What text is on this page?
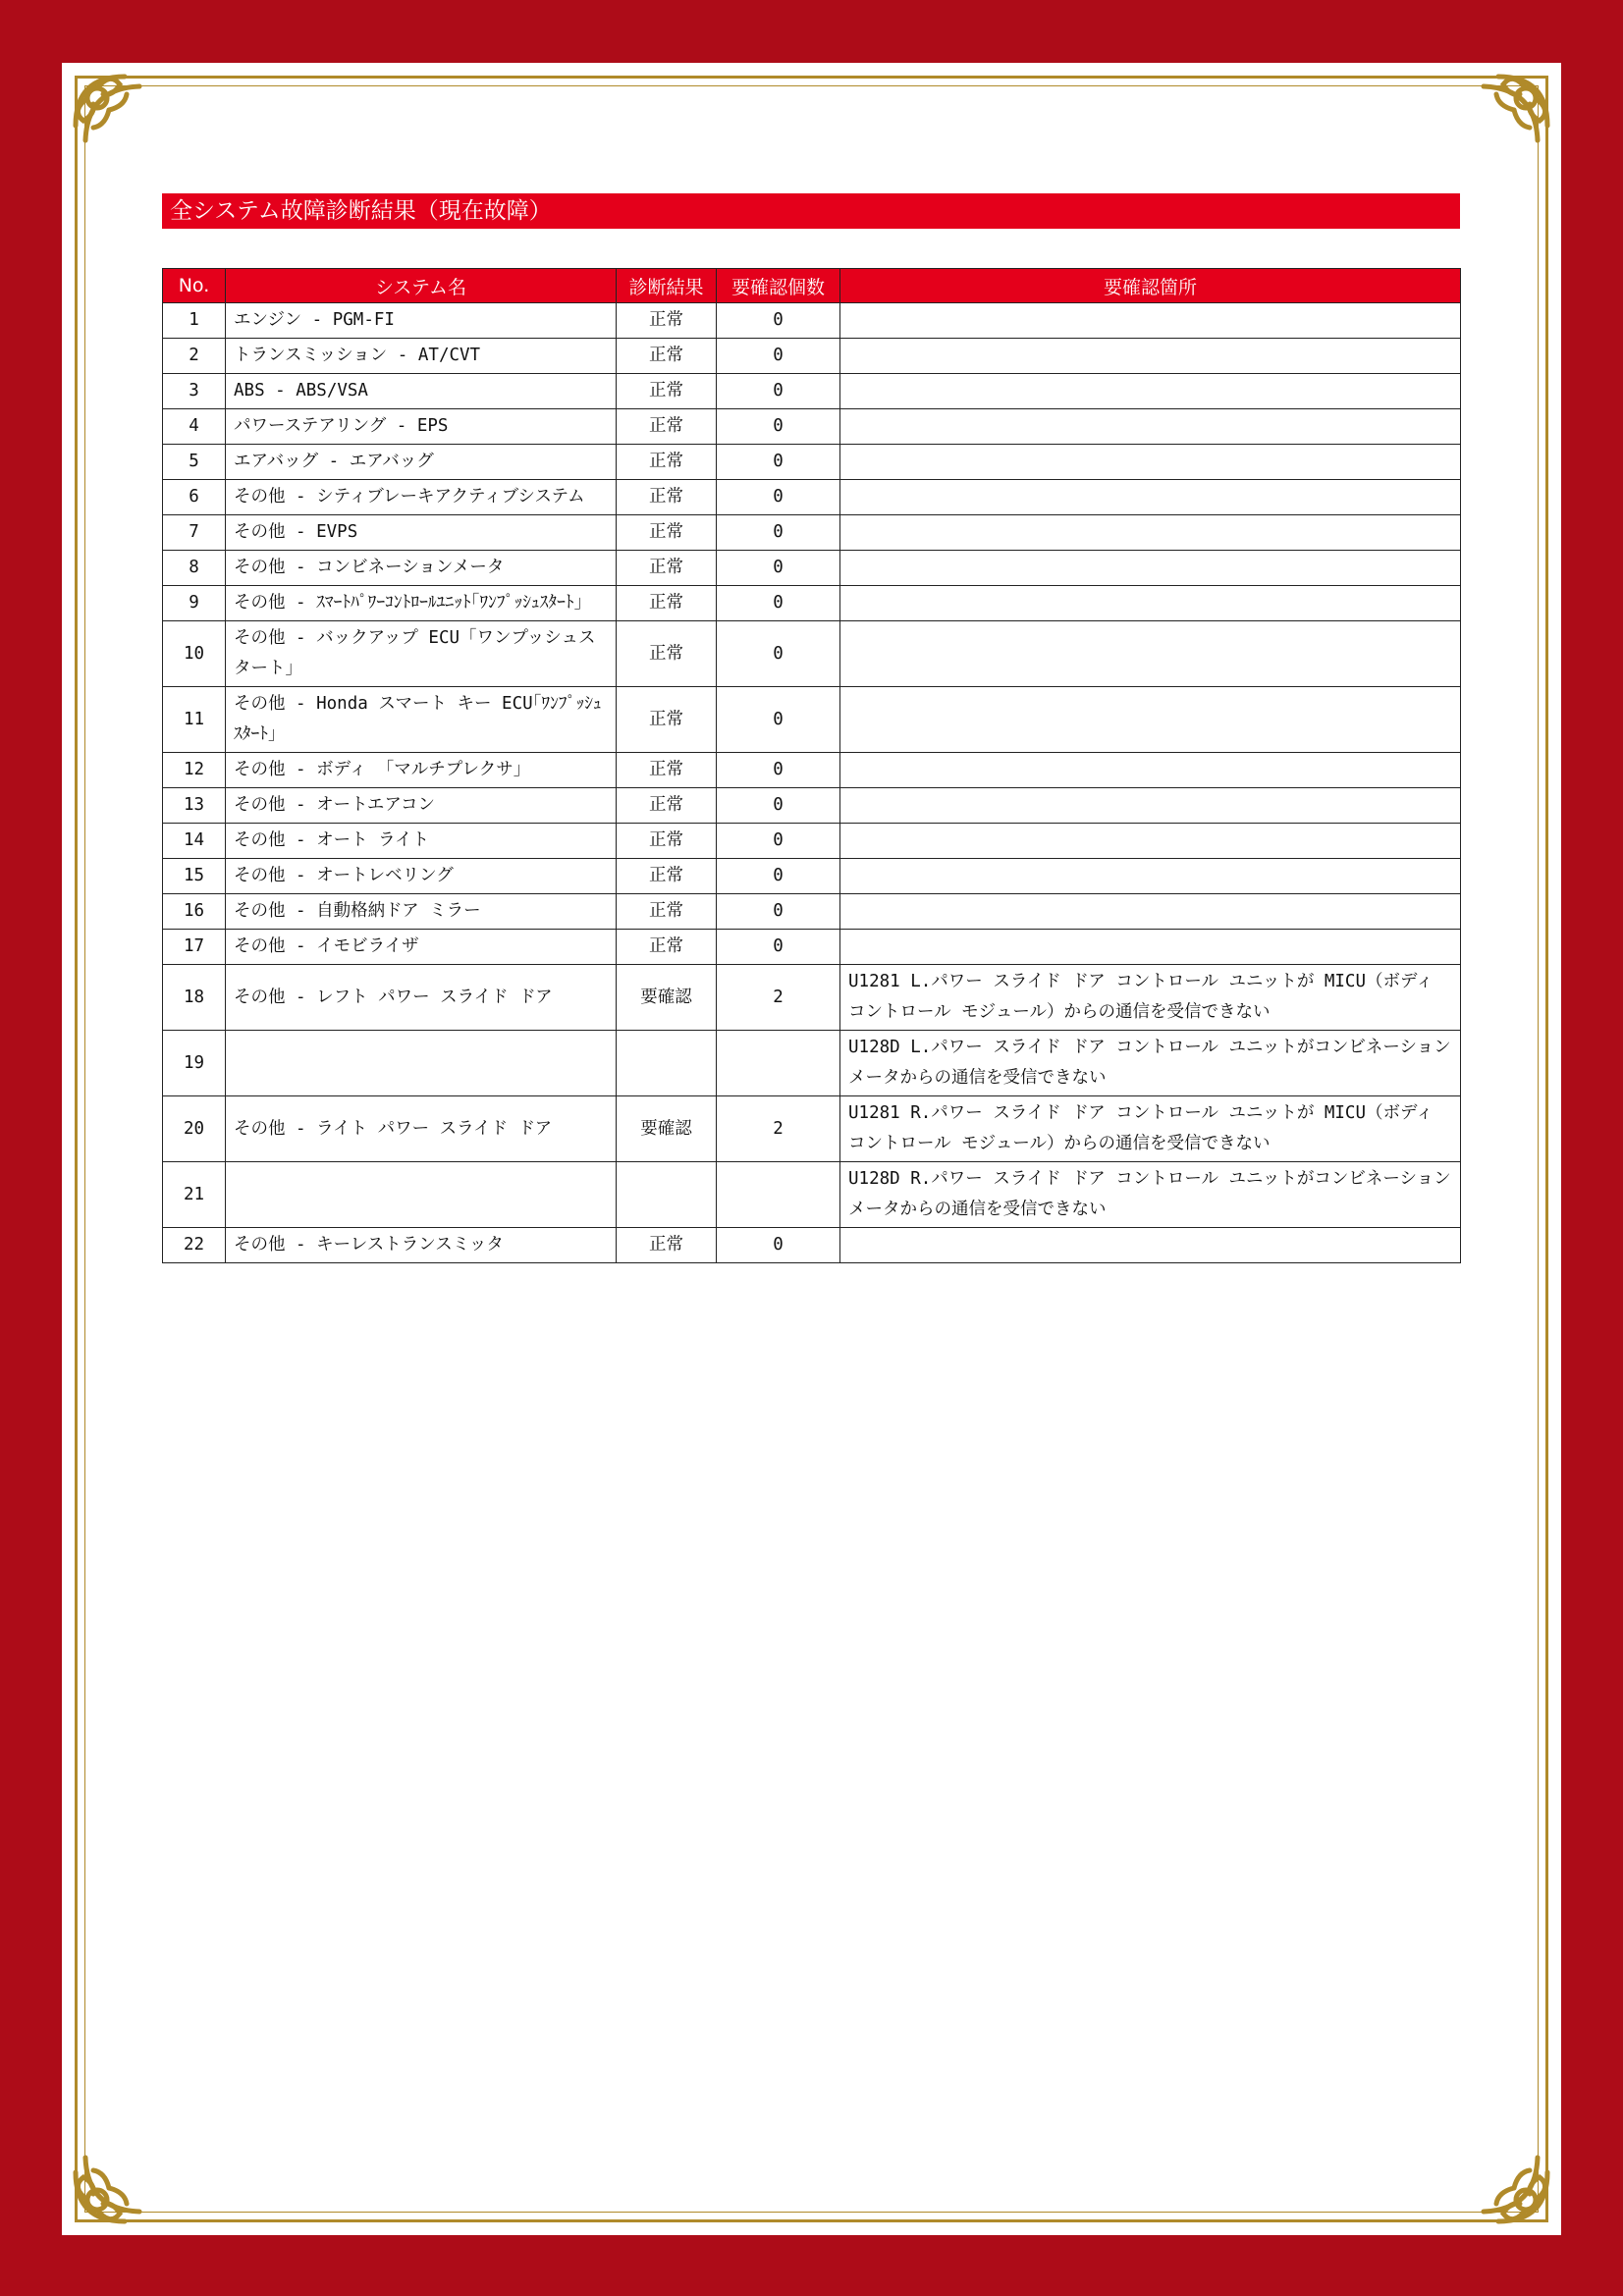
全システム故障診断結果（現在故障）
No.	システム名	診断結果	要確認個数	要確認箇所
1	エンジン - PGM-FI	正常	0	
2	トランスミッション - AT/CVT	正常	0	
3	ABS - ABS/VSA	正常	0	
4	パワーステアリング - EPS	正常	0	
5	エアバッグ - エアバッグ	正常	0	
6	その他 - シティブレーキアクティブシステム	正常	0	
7	その他 - EVPS	正常	0	
8	その他 - コンビネーションメータ	正常	0	
9	その他 - ｽﾏｰﾄﾊﾟﾜｰｺﾝﾄﾛｰﾙﾕﾆｯﾄ｢ﾜﾝﾌﾟｯｼｭｽﾀｰﾄ｣	正常	0	
10	その他 - バックアップ ECU「ワンプッシュスタート」	正常	0	
11	その他 - Honda スマート キー ECU｢ﾜﾝﾌﾟｯｼｭｽﾀｰﾄ｣	正常	0	
12	その他 - ボディ 「マルチプレクサ」	正常	0	
13	その他 - オートエアコン	正常	0	
14	その他 - オート ライト	正常	0	
15	その他 - オートレベリング	正常	0	
16	その他 - 自動格納ドア ミラー	正常	0	
17	その他 - イモビライザ	正常	0	
18	その他 - レフト パワー スライド ドア	要確認	2	U1281 L.パワー スライド ドア コントロール ユニットが MICU（ボディ コントロール モジュール）からの通信を受信できない
19				U128D L.パワー スライド ドア コントロール ユニットがコンビネーション メータからの通信を受信できない
20	その他 - ライト パワー スライド ドア	要確認	2	U1281 R.パワー スライド ドア コントロール ユニットが MICU（ボディ コントロール モジュール）からの通信を受信できない
21				U128D R.パワー スライド ドア コントロール ユニットがコンビネーション メータからの通信を受信できない
22	その他 - キーレストランスミッタ	正常	0	
